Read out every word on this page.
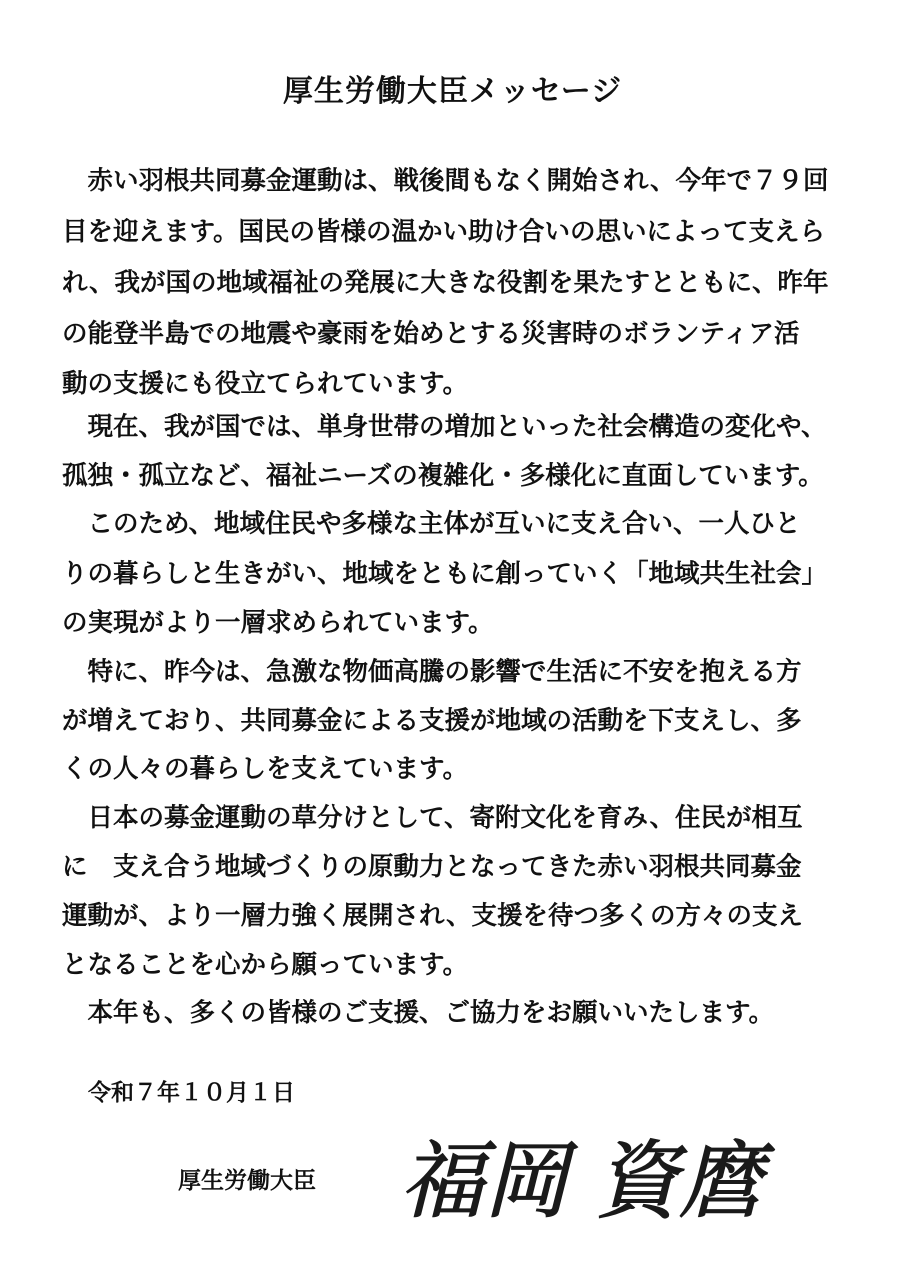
厚生労働大臣メッセージ

　赤い羽根共同募金運動は、戦後間もなく開始され、今年で７９回

目を迎えます。国民の皆様の温かい助け合いの思いによって支えら

れ、我が国の地域福祉の発展に大きな役割を果たすとともに、昨年

の能登半島での地震や豪雨を始めとする災害時のボランティア活

動の支援にも役立てられています。

　現在、我が国では、単身世帯の増加といった社会構造の変化や、

孤独・孤立など、福祉ニーズの複雑化・多様化に直面しています。

　このため、地域住民や多様な主体が互いに支え合い、一人ひと

りの暮らしと生きがい、地域をともに創っていく「地域共生社会」

の実現がより一層求められています。

　特に、昨今は、急激な物価高騰の影響で生活に不安を抱える方

が増えており、共同募金による支援が地域の活動を下支えし、多

くの人々の暮らしを支えています。

　日本の募金運動の草分けとして、寄附文化を育み、住民が相互

に　支え合う地域づくりの原動力となってきた赤い羽根共同募金

運動が、より一層力強く展開され、支援を待つ多くの方々の支え

となることを心から願っています。

　本年も、多くの皆様のご支援、ご協力をお願いいたします。

令和７年１０月１日

厚生労働大臣 福岡 資麿
